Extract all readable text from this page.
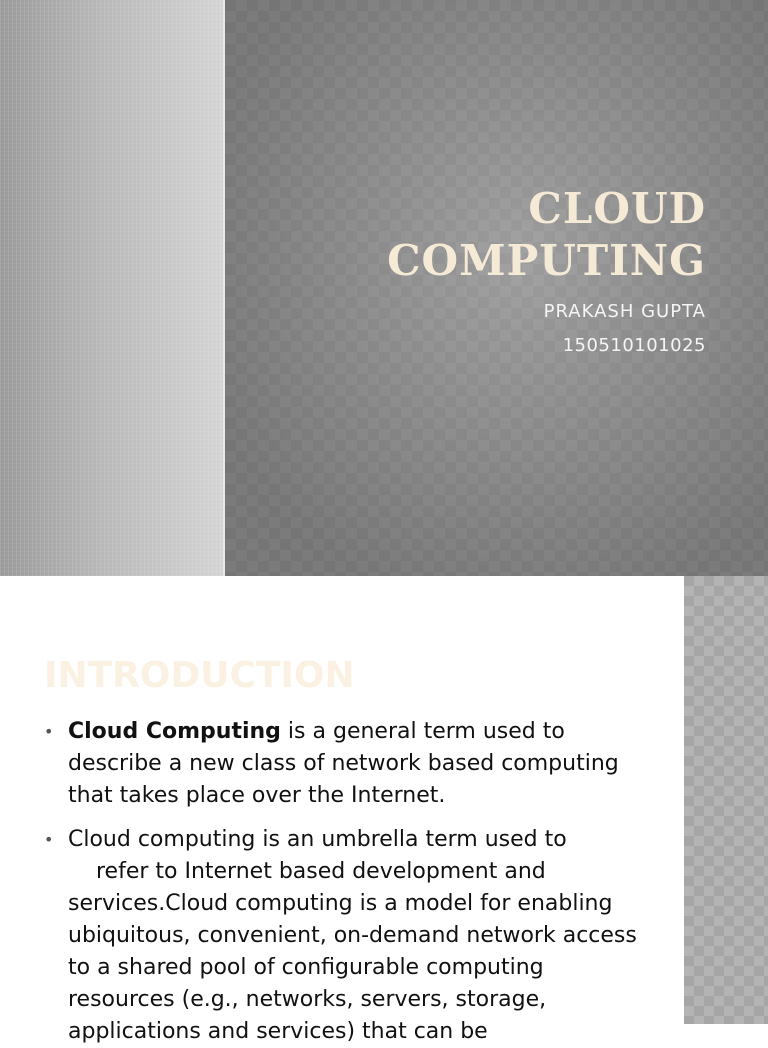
CLOUD
COMPUTING
PRAKASH GUPTA
150510101025
INTRODUCTION
• Cloud Computing is a general term used to describe a new class of network based computing that takes place over the Internet.
• Cloud computing is an umbrella term used to     refer to Internet based development and services.Cloud computing is a model for enabling ubiquitous, convenient, on-demand network access to a shared pool of configurable computing resources (e.g., networks, servers, storage, applications and services) that can be
